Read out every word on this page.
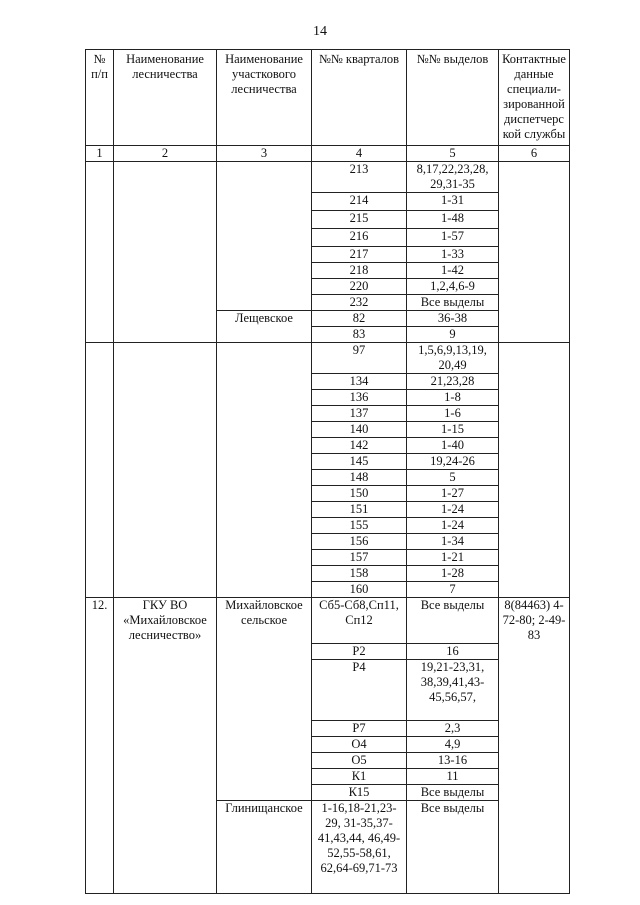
14
№ п/п	Наименование лесничества	Наименование участкового лесничества	№№ кварталов	№№ выделов	Контактные данные специали-зированной диспетчерс кой службы
1	2	3	4	5	6
			213	8,17,22,23,28, 29,31-35	
			214	1-31	
			215	1-48	
			216	1-57	
			217	1-33	
			218	1-42	
			220	1,2,4,6-9	
			232	Все выделы	
		Лещевское	82	36-38	
			83	9	
			97	1,5,6,9,13,19, 20,49	
			134	21,23,28	
			136	1-8	
			137	1-6	
			140	1-15	
			142	1-40	
			145	19,24-26	
			148	5	
			150	1-27	
			151	1-24	
			155	1-24	
			156	1-34	
			157	1-21	
			158	1-28	
			160	7	
12.	ГКУ ВО «Михайловское лесничество»	Михайловское сельское	Сб5-Сб8,Сп11, Сп12	Все выделы	8(84463) 4-72-80; 2-49-83
			Р2	16	
			Р4	19,21-23,31, 38,39,41,43-45,56,57,	
			Р7	2,3	
			О4	4,9	
			О5	13-16	
			К1	11	
			К15	Все выделы	
		Глинищанское	1-16,18-21,23-29, 31-35,37-41,43,44, 46,49-52,55-58,61, 62,64-69,71-73	Все выделы	
